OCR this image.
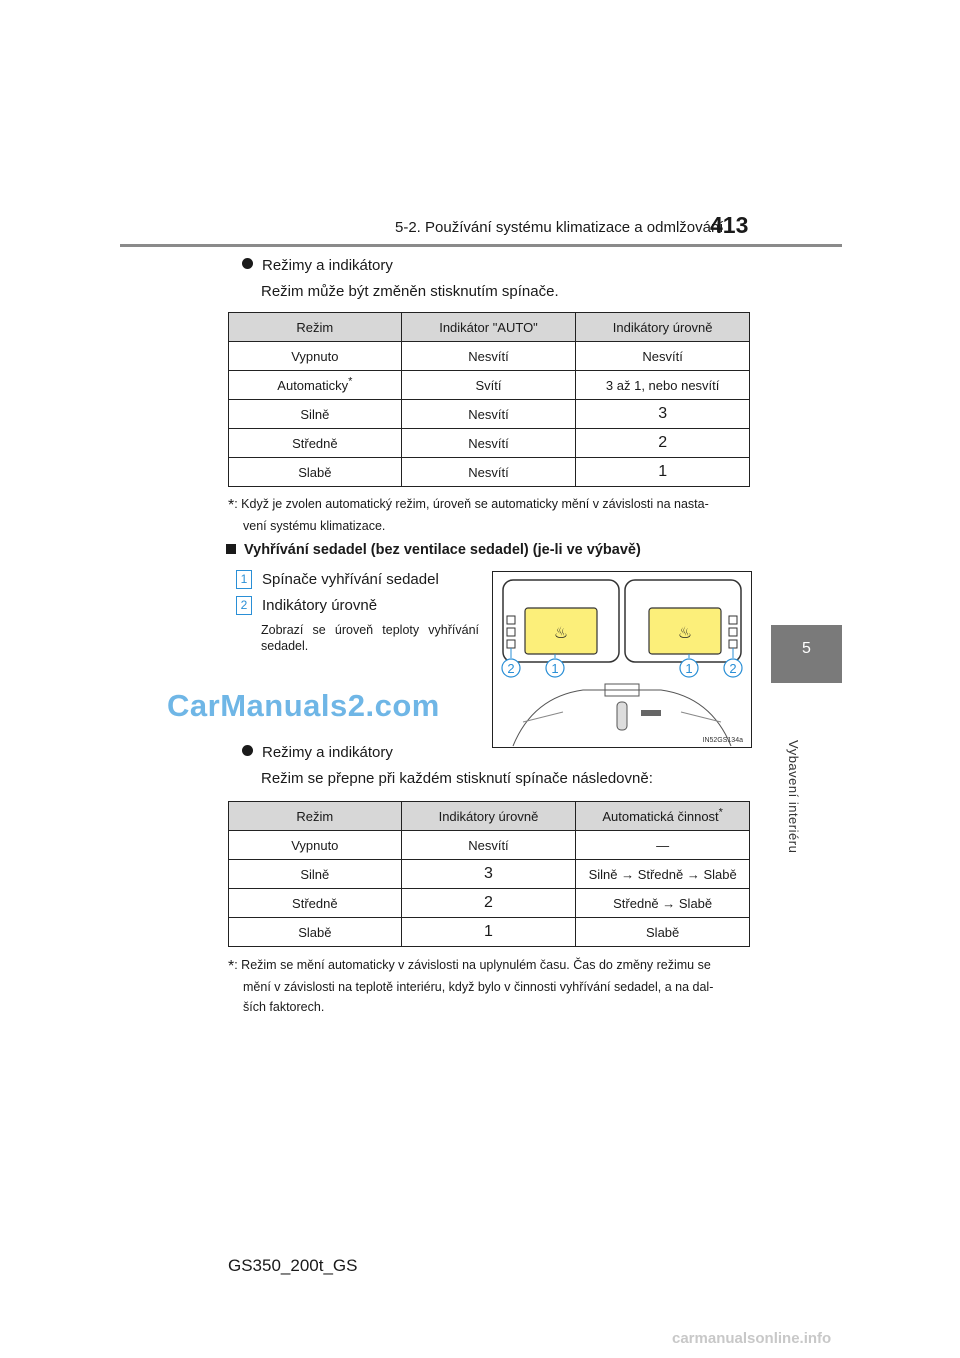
5-2. Používání systému klimatizace a odmlžování
413
5
Vybavení interiéru
Režimy a indikátory
Režim může být změněn stisknutím spínače.
Režim	Indikátor "AUTO"	Indikátory úrovně
Vypnuto	Nesvítí	Nesvítí
Automaticky*	Svítí	3 až 1, nebo nesvítí
Silně	Nesvítí	3
Středně	Nesvítí	2
Slabě	Nesvítí	1
*: Když je zvolen automatický režim, úroveň se automaticky mění v závislosti na nasta-
vení systému klimatizace.
Vyhřívání sedadel (bez ventilace sedadel) (je-li ve výbavě)
1 Spínače vyhřívání sedadel
2 Indikátory úrovně
Zobrazí se úroveň teploty vyhřívání
sedadel.
♨	♨
2	1	1	2
IN52GS134a
CarManuals2.com
Režimy a indikátory
Režim se přepne při každém stisknutí spínače následovně:
Režim	Indikátory úrovně	Automatická činnost*
Vypnuto	Nesvítí	—
Silně	3	Silně → Středně → Slabě
Středně	2	Středně → Slabě
Slabě	1	Slabě
*: Režim se mění automaticky v závislosti na uplynulém času. Čas do změny režimu se
mění v závislosti na teplotě interiéru, když bylo v činnosti vyhřívání sedadel, a na dal-
ších faktorech.
GS350_200t_GS
carmanualsonline.info
